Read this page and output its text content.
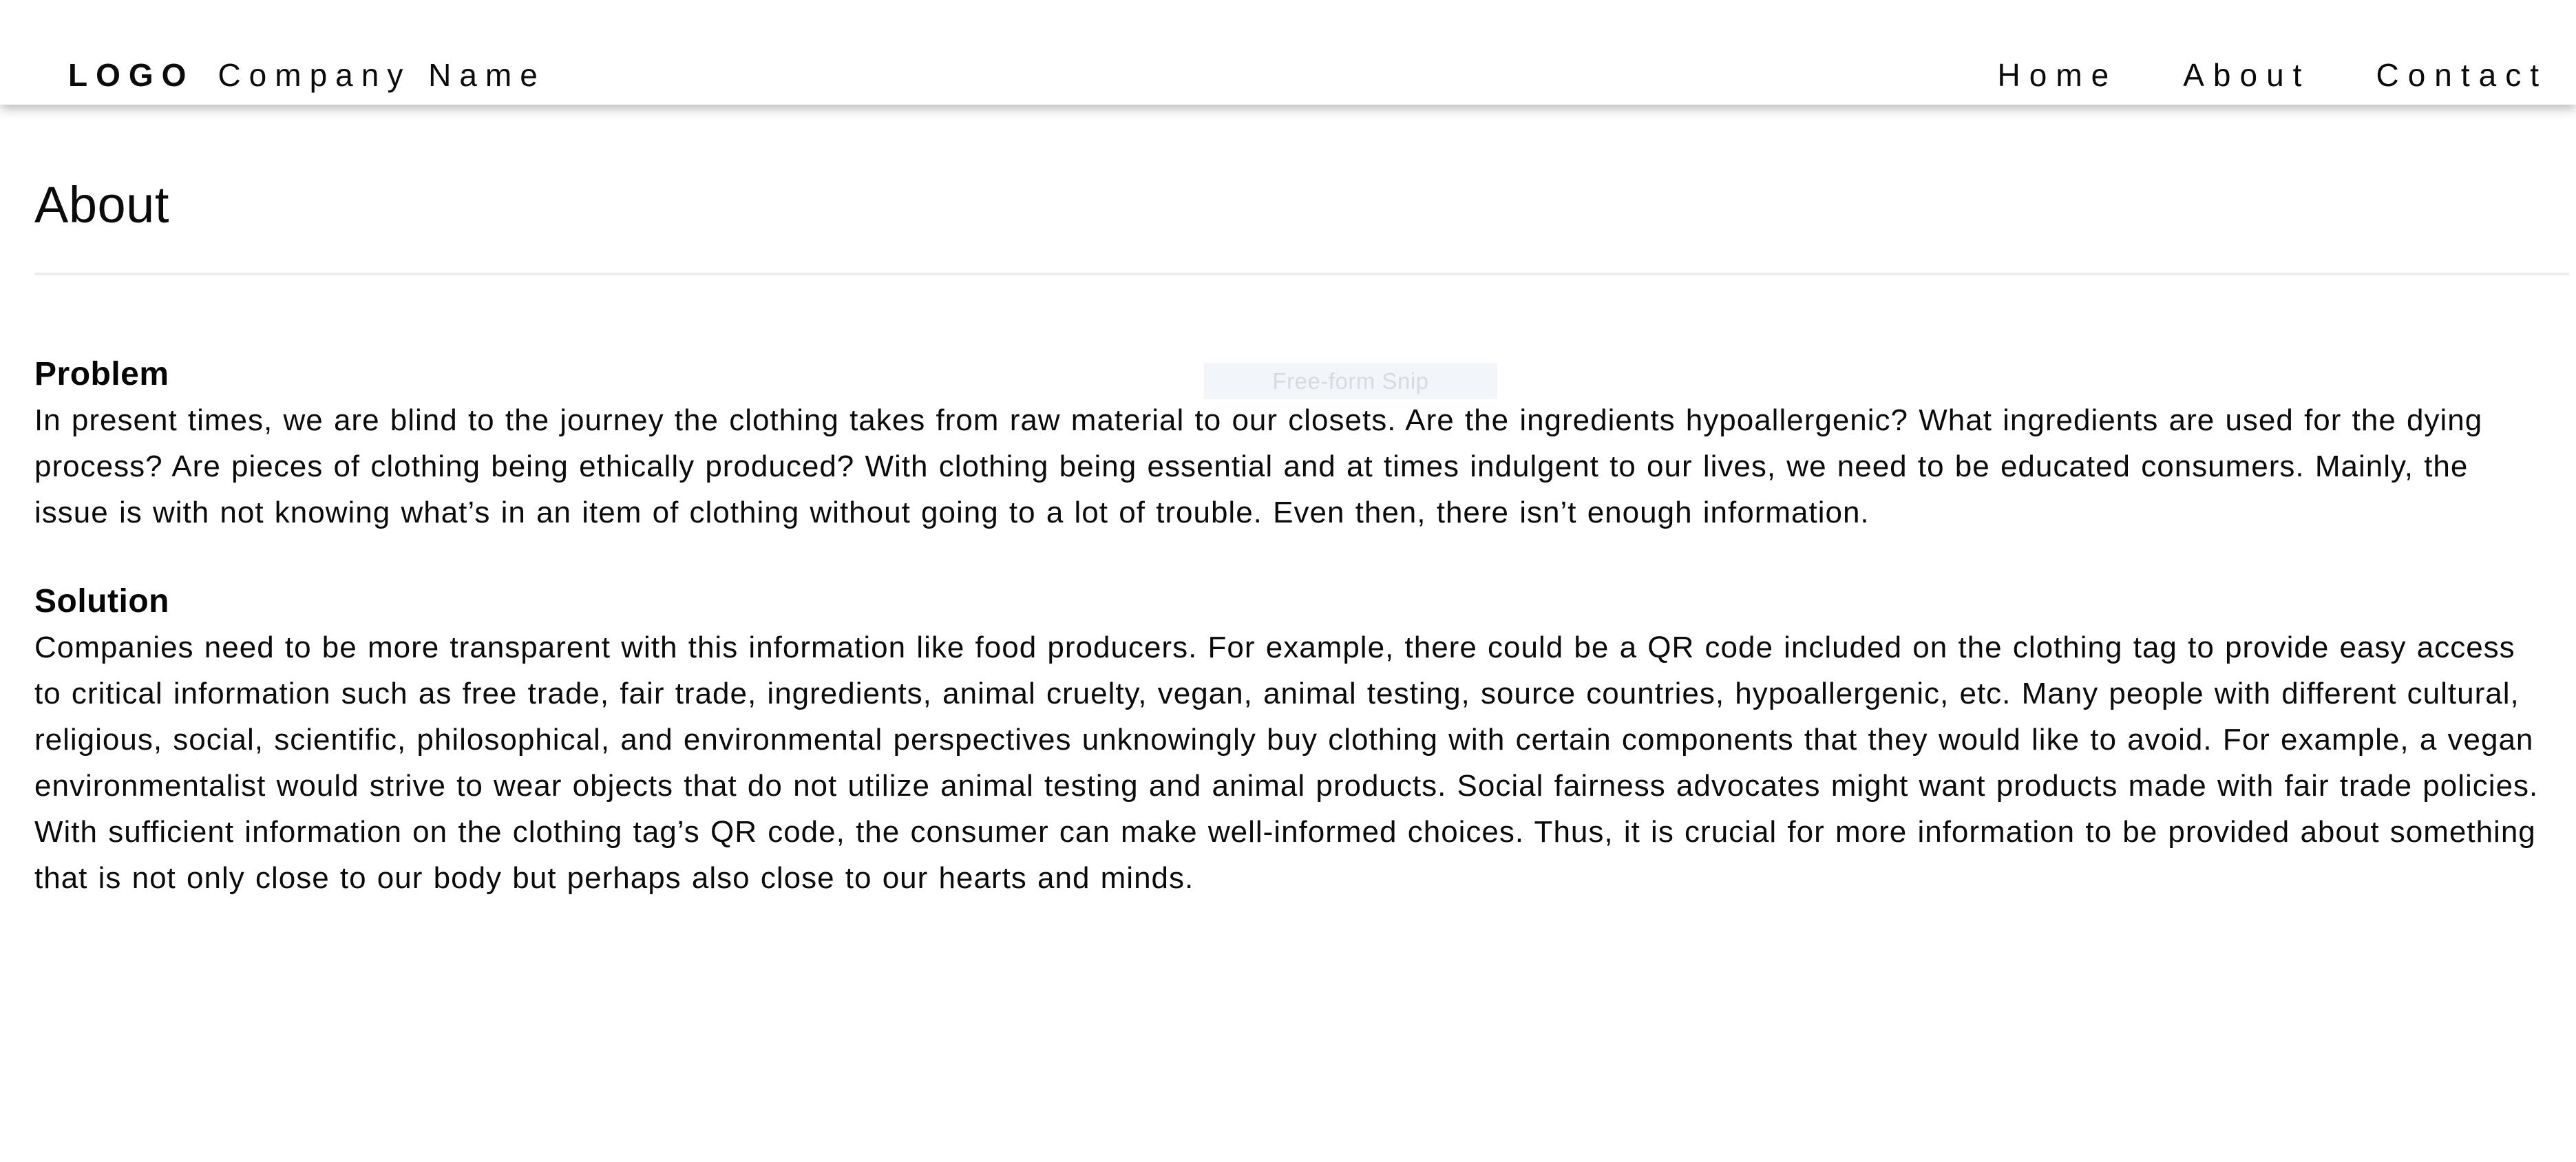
LOGO Company Name	Home About Contact
Free-form Snip
About
Problem

In present times, we are blind to the journey the clothing takes from raw material to our closets. Are the ingredients hypoallergenic? What ingredients are used for the dying process? Are pieces of clothing being ethically produced? With clothing being essential and at times indulgent to our lives, we need to be educated consumers. Mainly, the issue is with not knowing what’s in an item of clothing without going to a lot of trouble. Even then, there isn’t enough information.

Solution

Companies need to be more transparent with this information like food producers. For example, there could be a QR code included on the clothing tag to provide easy access to critical information such as free trade, fair trade, ingredients, animal cruelty, vegan, animal testing, source countries, hypoallergenic, etc. Many people with different cultural, religious, social, scientific, philosophical, and environmental perspectives unknowingly buy clothing with certain components that they would like to avoid. For example, a vegan environmentalist would strive to wear objects that do not utilize animal testing and animal products. Social fairness advocates might want products made with fair trade policies. With sufficient information on the clothing tag’s QR code, the consumer can make well-informed choices. Thus, it is crucial for more information to be provided about something that is not only close to our body but perhaps also close to our hearts and minds.
